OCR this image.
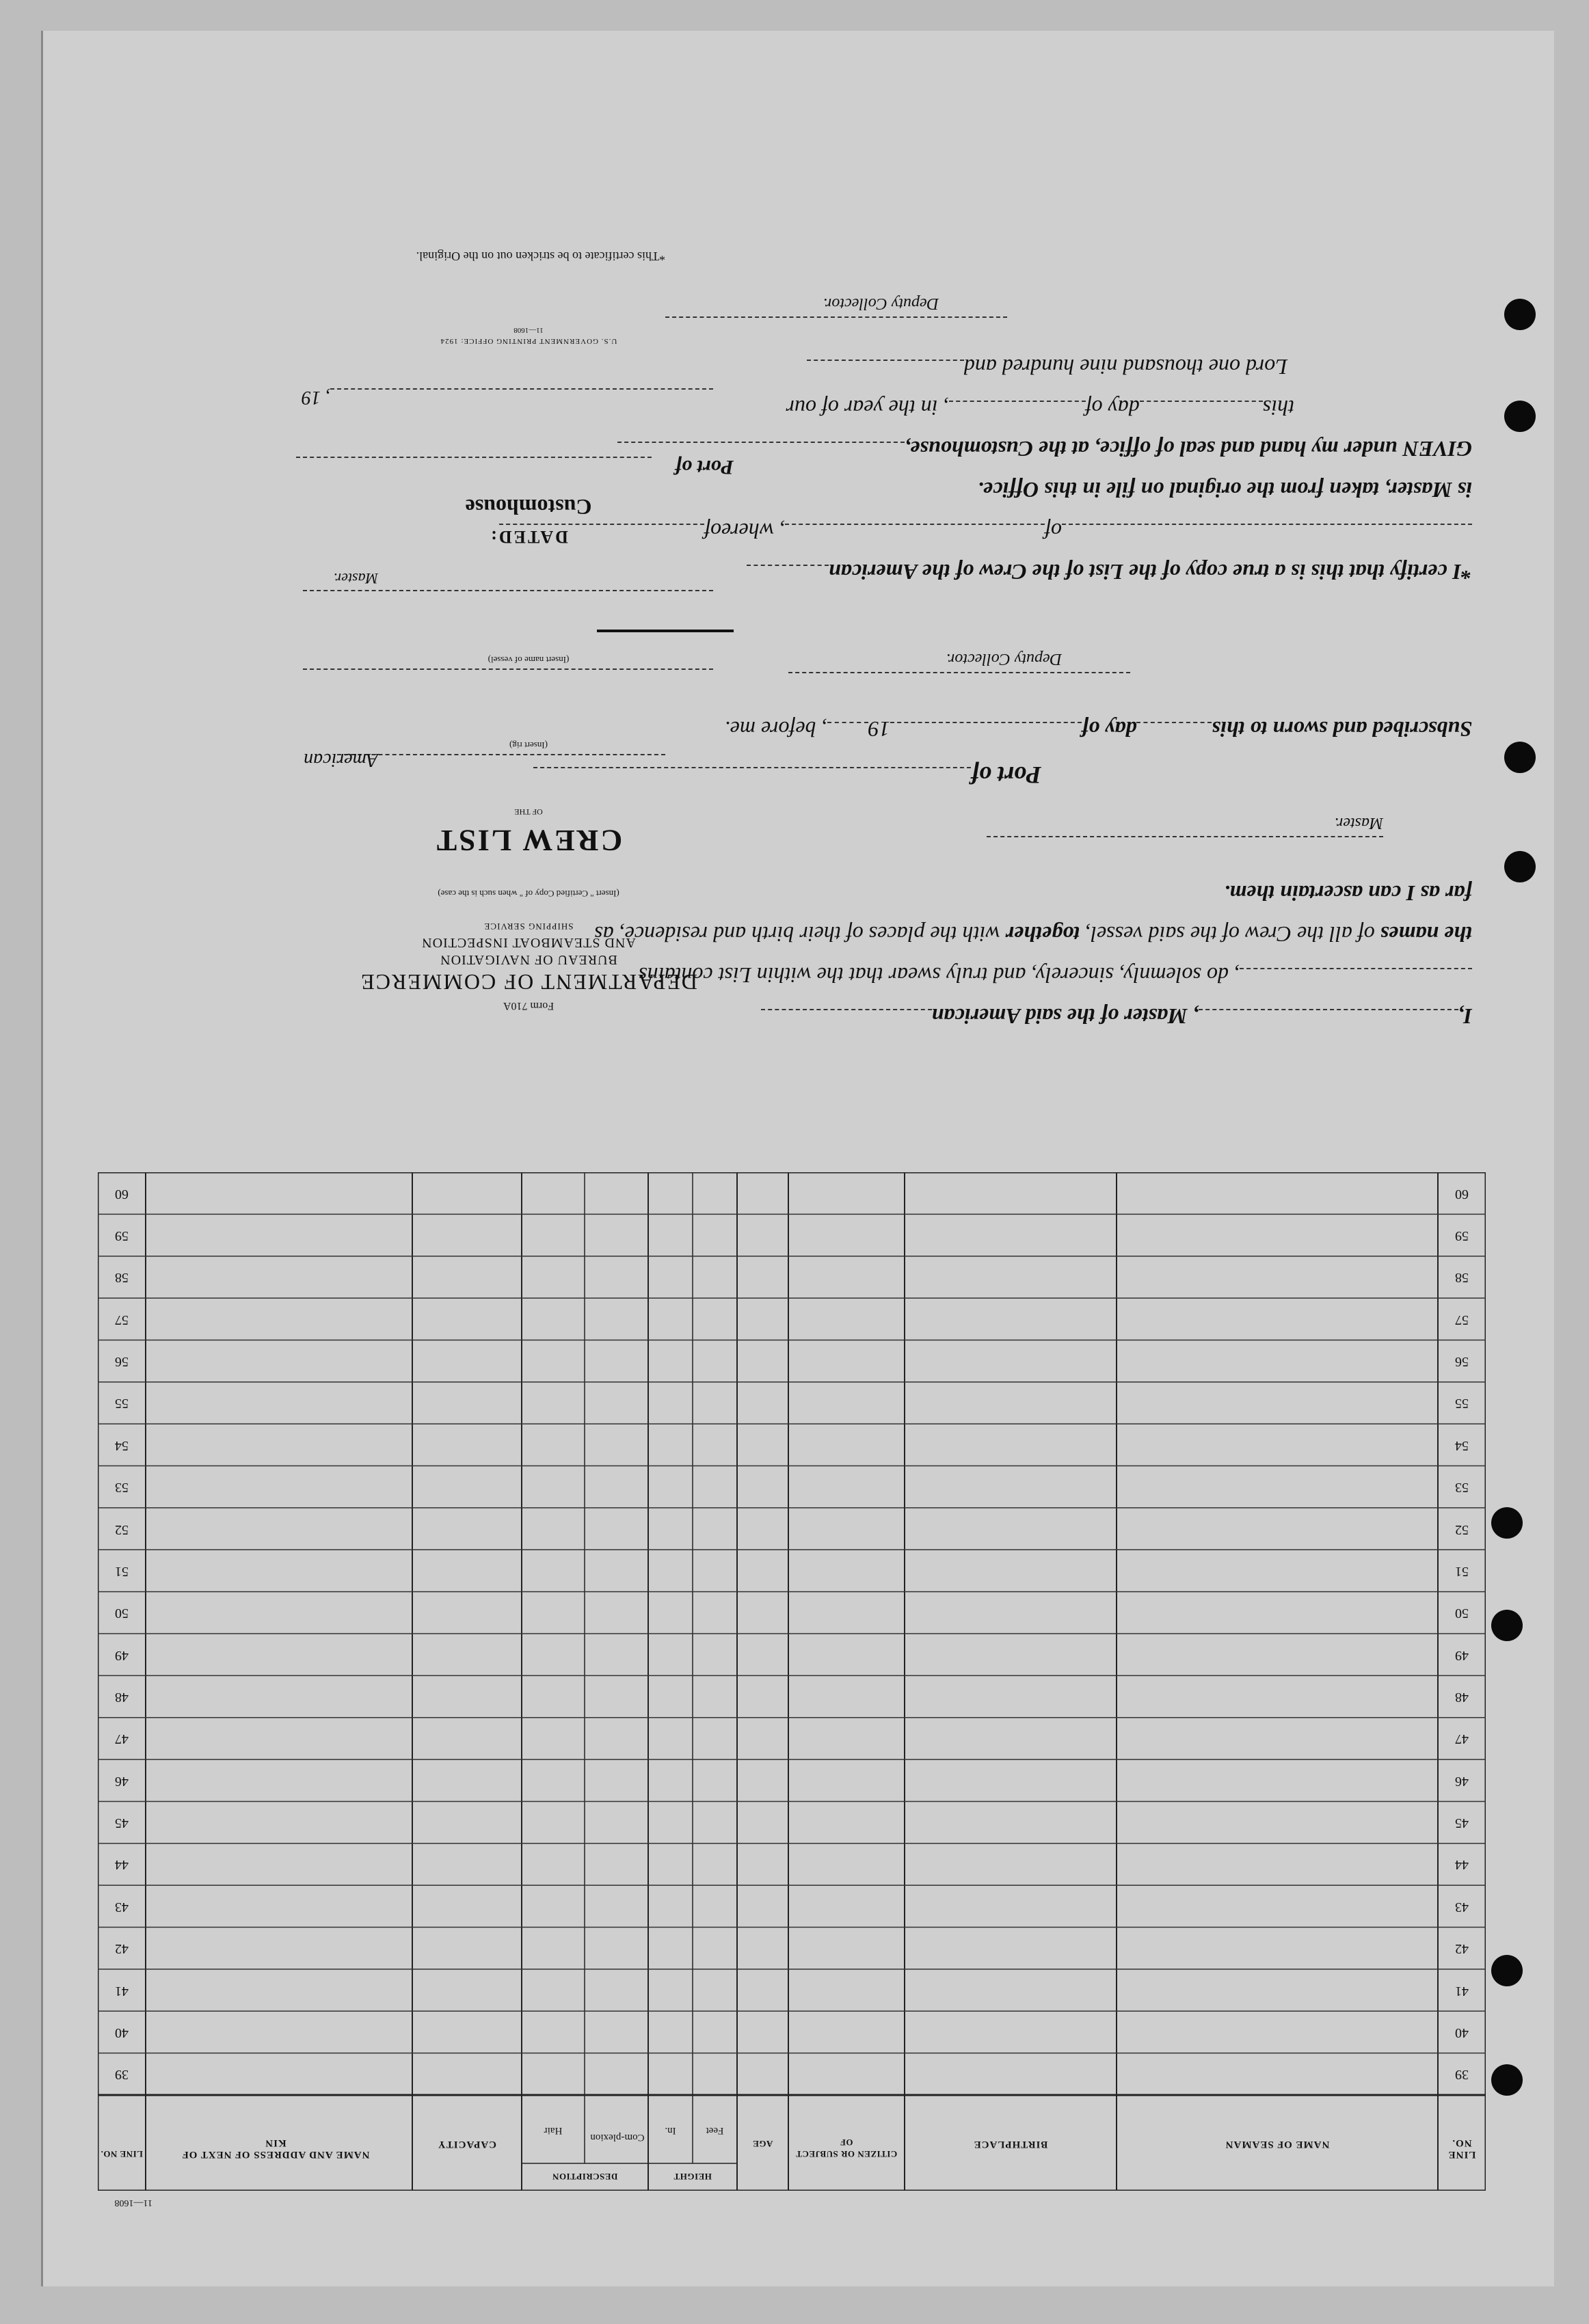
LINE NO.
NAME OF SEAMAN
BIRTHPLACE
CITIZEN OR SUBJECT OF
AGE
HEIGHT
Feet
In.
DESCRIPTION
Com-plexion
Hair
CAPACITY
NAME AND ADDRESS OF NEXT OF KIN
LINE NO.
39
40
41
42
43
44
45
46
47
48
49
50
51
52
53
54
55
56
57
58
59
60
39
40
41
42
43
44
45
46
47
48
49
50
51
52
53
54
55
56
57
58
59
60
11—1608
I,, Master of the said American
, do solemnly, sincerely, and truly swear that the within List contains
the names of all the Crew of the said vessel, together with the places of their birth and residence, as
far as I can ascertain them.
Master.
Port of
Subscribed and sworn to thisday of19, before me.
Deputy Collector.
*I certify that this is a true copy of the List of the Crew of the American
of, whereof
is Master, taken from the original on file in this Office.
GIVEN under my hand and seal of office, at the Customhouse,
thisday of, in the year of our
Lord one thousand nine hundred and
Deputy Collector.
*This certificate to be stricken out on the Original.
Form 710A
DEPARTMENT OF COMMERCE
BUREAU OF NAVIGATION
AND STEAMBOAT INSPECTION
SHIPPING SERVICE
(Insert " Certified Copy of " when such is the case)
CREW LIST
OF THE
American
(Insert rig)
(Insert name of vessel)
Master.
DATED:
Customhouse
Port of
, 19
U.S. GOVERNMENT PRINTING OFFICE: 1924
11—1608
